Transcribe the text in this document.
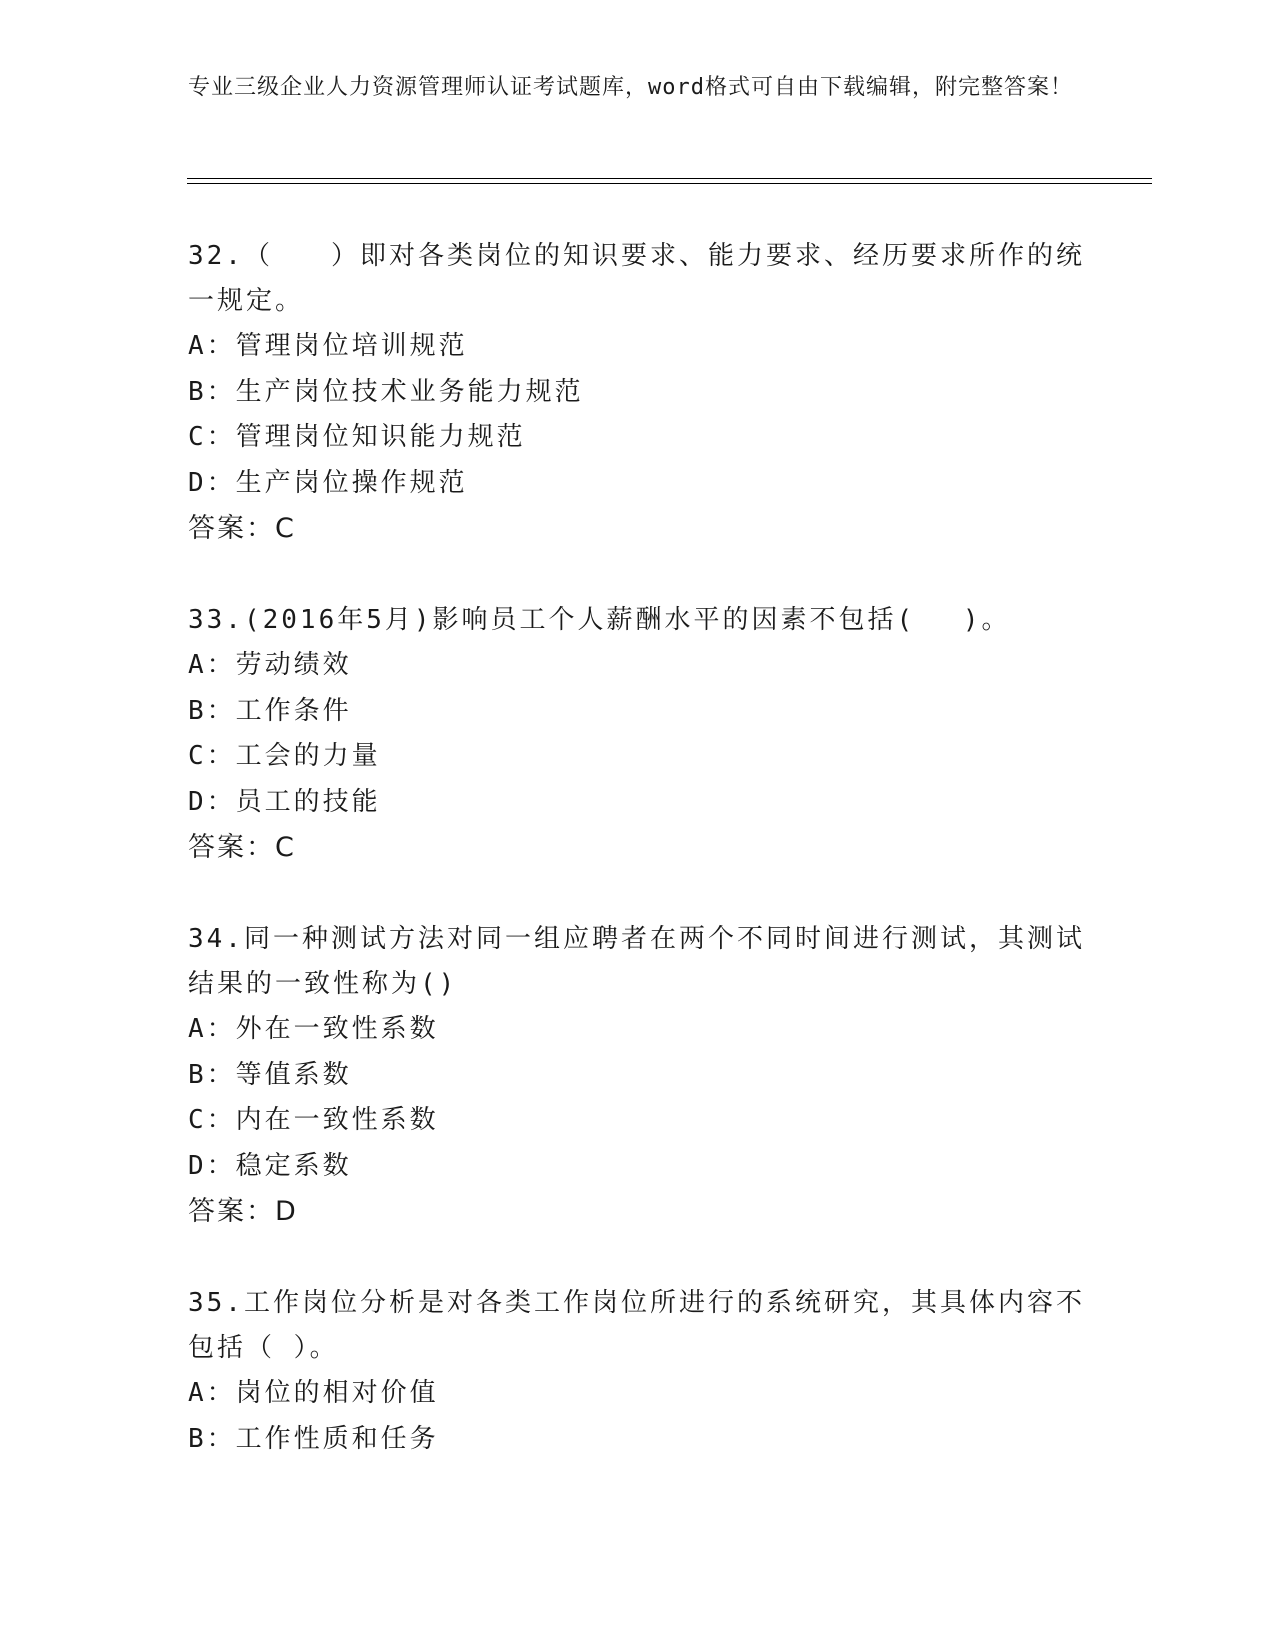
专业三级企业人力资源管理师认证考试题库，word格式可自由下载编辑，附完整答案！
32.（　　）即对各类岗位的知识要求、能力要求、经历要求所作的统一规定。
A：管理岗位培训规范
B：生产岗位技术业务能力规范
C：管理岗位知识能力规范
D：生产岗位操作规范
答案：C
33.(2016年5月)影响员工个人薪酬水平的因素不包括(　 )。
A：劳动绩效
B：工作条件
C：工会的力量
D：员工的技能
答案：C
34.同一种测试方法对同一组应聘者在两个不同时间进行测试，其测试结果的一致性称为()
A：外在一致性系数
B：等值系数
C：内在一致性系数
D：稳定系数
答案：D
35.工作岗位分析是对各类工作岗位所进行的系统研究，其具体内容不包括（ ）。
A：岗位的相对价值
B：工作性质和任务
